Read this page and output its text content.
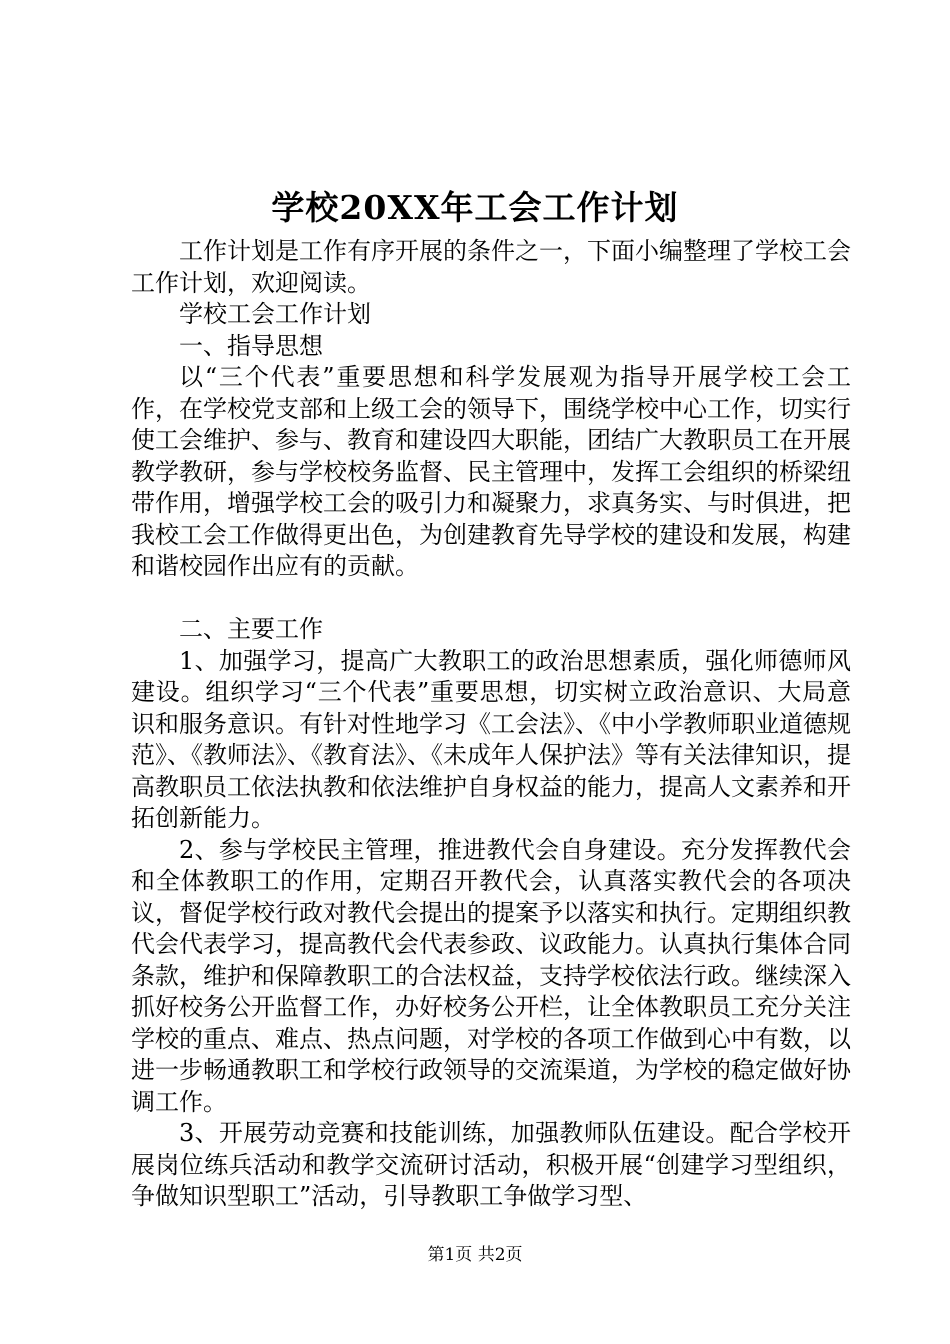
学校20XX年工会工作计划

工作计划是工作有序开展的条件之一，下面小编整理了学校工会工作计划，欢迎阅读。

学校工会工作计划

一、指导思想

以“三个代表”重要思想和科学发展观为指导开展学校工会工作，在学校党支部和上级工会的领导下，围绕学校中心工作，切实行使工会维护、参与、教育和建设四大职能，团结广大教职员工在开展教学教研，参与学校校务监督、民主管理中，发挥工会组织的桥梁纽带作用，增强学校工会的吸引力和凝聚力，求真务实、与时俱进，把我校工会工作做得更出色，为创建教育先导学校的建设和发展，构建和谐校园作出应有的贡献。

二、主要工作

1、加强学习，提高广大教职工的政治思想素质，强化师德师风建设。组织学习“三个代表”重要思想，切实树立政治意识、大局意识和服务意识。有针对性地学习《工会法》、《中小学教师职业道德规范》、《教师法》、《教育法》、《未成年人保护法》等有关法律知识，提高教职员工依法执教和依法维护自身权益的能力，提高人文素养和开拓创新能力。

2、参与学校民主管理，推进教代会自身建设。充分发挥教代会和全体教职工的作用，定期召开教代会，认真落实教代会的各项决议，督促学校行政对教代会提出的提案予以落实和执行。定期组织教代会代表学习，提高教代会代表参政、议政能力。认真执行集体合同条款，维护和保障教职工的合法权益，支持学校依法行政。继续深入抓好校务公开监督工作，办好校务公开栏，让全体教职员工充分关注学校的重点、难点、热点问题，对学校的各项工作做到心中有数，以进一步畅通教职工和学校行政领导的交流渠道，为学校的稳定做好协调工作。

3、开展劳动竞赛和技能训练，加强教师队伍建设。配合学校开展岗位练兵活动和教学交流研讨活动，积极开展“创建学习型组织，争做知识型职工”活动，引导教职工争做学习型、

第1页 共2页
